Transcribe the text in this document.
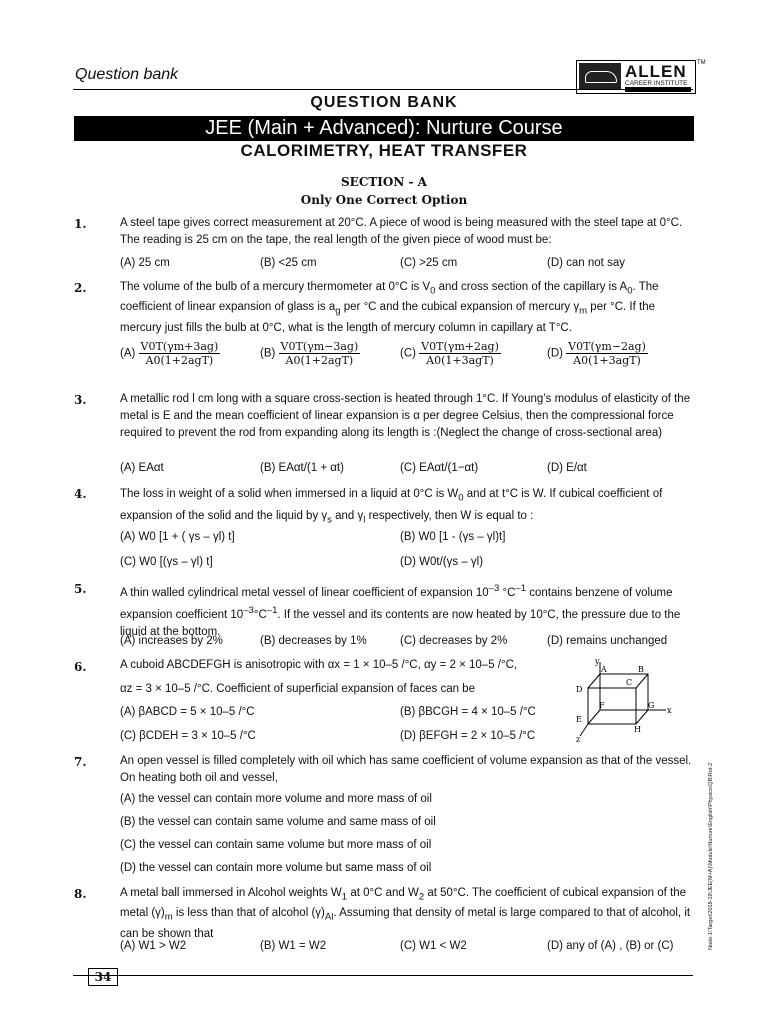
Question bank	ALLEN
CAREER INSTITUTE
TM
QUESTION BANK
JEE (Main + Advanced): Nurture Course
CALORIMETRY, HEAT TRANSFER
SECTION - A
Only One Correct Option
1.	A steel tape gives correct measurement at 20°C. A piece of wood is being measured with the steel tape at 0°C. The reading is 25 cm on the tape, the real length of the given piece of wood must be:
(A) 25 cm	(B) <25 cm	(C) >25 cm	(D) can not say
2.	The volume of the bulb of a mercury thermometer at 0°C is $V_0$ and cross section of the capillary is $A_0$. The coefficient of linear expansion of glass is $a_g$ per °C and the cubical expansion of mercury $\gamma_m$ per °C. If the mercury just fills the bulb at 0°C, what is the length of mercury column in capillary at T°C.
$(A) \frac{V0T(\gamma m+3ag)}{\text{A0(1+2agT)}}$	$(B) \frac{V0T(\gamma m-3ag)}{\text{A0(1+2agT)}}$	$(C) \frac{V0T(\gamma m+2ag)}{\text{A0(1+3agT)}}$	$(D) \frac{V0T(\gamma m-2ag)}{\text{A0(1+3agT)}}$
3.	A metallic rod l cm long with a square cross-section is heated through 1°C. If Young’s modulus of elasticity of the metal is E and the mean coefficient of linear expansion is α per degree Celsius, then the compressional force required to prevent the rod from expanding along its length is :(Neglect the change of cross-sectional area)
(A) EAαt	(B) EAαt/(1 + αt)	(C) EAαt/(1−αt)	(D) E/αt
4.	The loss in weight of a solid when immersed in a liquid at 0°C is $W_0$ and at t°C is W. If cubical coefficient of expansion of the solid and the liquid by $\gamma_s$ and $\gamma_l$ respectively, then W is equal to :
(A) W0 [1 + ( γs – γl) t]	(B) W0 [1 - (γs – γl)t]
(C) W0 [(γs – γl) t]	(D) W0t/(γs – γl)
5.	A thin walled cylindrical metal vessel of linear coefficient of expansion $10^{-3}$ $^\circ C^{-1}$ contains benzene of volume expansion coefficient $10^{-3}^\circ C^{-1}$. If the vessel and its contents are now heated by 10°C, the pressure due to the liquid at the bottom.
(A) increases by 2%	(B) decreases by 1%	(C) decreases by 2%	(D) remains unchanged
6.	A cuboid ABCDEFGH is anisotropic with αx = 1 × 10–5 /°C, αy = 2 × 10–5 /°C,
αz = 3 × 10–5 /°C. Coefficient of superficial expansion of faces can be
(A) βABCD = 5 × 10–5 /°C	(B) βBCGH = 4 × 10–5 /°C
(C) βCDEH = 3 × 10–5 /°C	(D) βEFGH = 2 × 10–5 /°C
y
A	B
C
D
F	G
x
E
H
z
7.	An open vessel is filled completely with oil which has same coefficient of volume expansion as that of the vessel. On heating both oil and vessel,
(A) the vessel can contain more volume and more mass of oil
(B) the vessel can contain same volume and same mass of oil
(C) the vessel can contain same volume but more mass of oil
(D) the vessel can contain more volume but same mass of oil
8.	A metal ball immersed in Alcohol weights $W_1$ at 0°C and $W_2$ at 50°C. The coefficient of cubical expansion of the metal $(\gamma)_m$ is less than that of alcohol $(\gamma)_{Al}$. Assuming that density of metal is large compared to that of alcohol, it can be shown that
(A) W1 > W2	(B) W1 = W2	(C) W1 < W2	(D) any of (A) , (B) or (C)	Node-1\Target\2018-19\JEE(M+A)\Module\Nurture\English\Physics\QB\Rot-2
34
